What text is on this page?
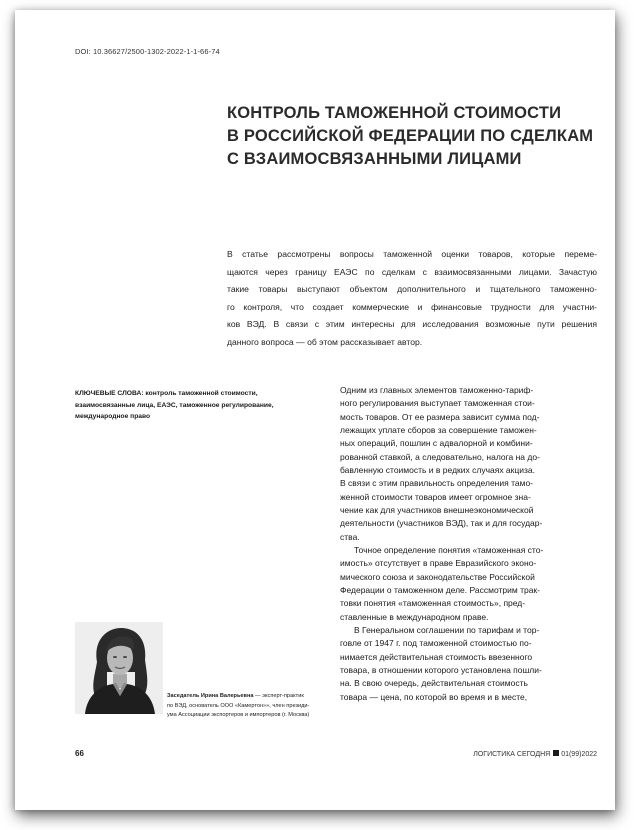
DOI: 10.36627/2500-1302-2022-1-1-66-74
КОНТРОЛЬ ТАМОЖЕННОЙ СТОИМОСТИ
В РОССИЙСКОЙ ФЕДЕРАЦИИ ПО СДЕЛКАМ
С ВЗАИМОСВЯЗАННЫМИ ЛИЦАМИ

В статье рассмотрены вопросы таможенной оценки товаров, которые переме-
щаются через границу ЕАЭС по сделкам с взаимосвязанными лицами. Зачастую
такие товары выступают объектом дополнительного и тщательного таможенно-
го контроля, что создает коммерческие и финансовые трудности для участни-
ков ВЭД. В связи с этим интересны для исследования возможные пути решения
данного вопроса — об этом рассказывает автор.

КЛЮЧЕВЫЕ СЛОВА: контроль таможенной стоимости,
взаимосвязанные лица, ЕАЭС, таможенное регулирование,
международное право
Одним из главных элементов таможенно-тариф-
ного регулирования выступает таможенная стои-
мость товаров. От ее размера зависит сумма под-
лежащих уплате сборов за совершение таможен-
ных операций, пошлин с адвалорной и комбини-
рованной ставкой, а следовательно, налога на до-
бавленную стоимость и в редких случаях акциза.
В связи с этим правильность определения тамо-
женной стоимости товаров имеет огромное зна-
чение как для участников внешнеэкономической
деятельности (участников ВЭД), так и для государ-
ства.
Точное определение понятия «таможенная сто-
имость» отсутствует в праве Евразийского эконо-
мического союза и законодательстве Российской
Федерации о таможенном деле. Рассмотрим трак-
товки понятия «таможенная стоимость», пред-
ставленные в международном праве.
В Генеральном соглашении по тарифам и тор-
говле от 1947 г. под таможенной стоимостью по-
нимается действительная стоимость ввезенного
товара, в отношении которого установлена пошли-
на. В свою очередь, действительная стоимость
товара — цена, по которой во время и в месте,
Заседатель Ирина Валерьевна — эксперт-практик
по ВЭД, основатель ООО «Камертон»», член президи-
ума Ассоциации экспортеров и импортеров (г. Москва)
66	ЛОГИСТИКА СЕГОДНЯ 01(99)2022
